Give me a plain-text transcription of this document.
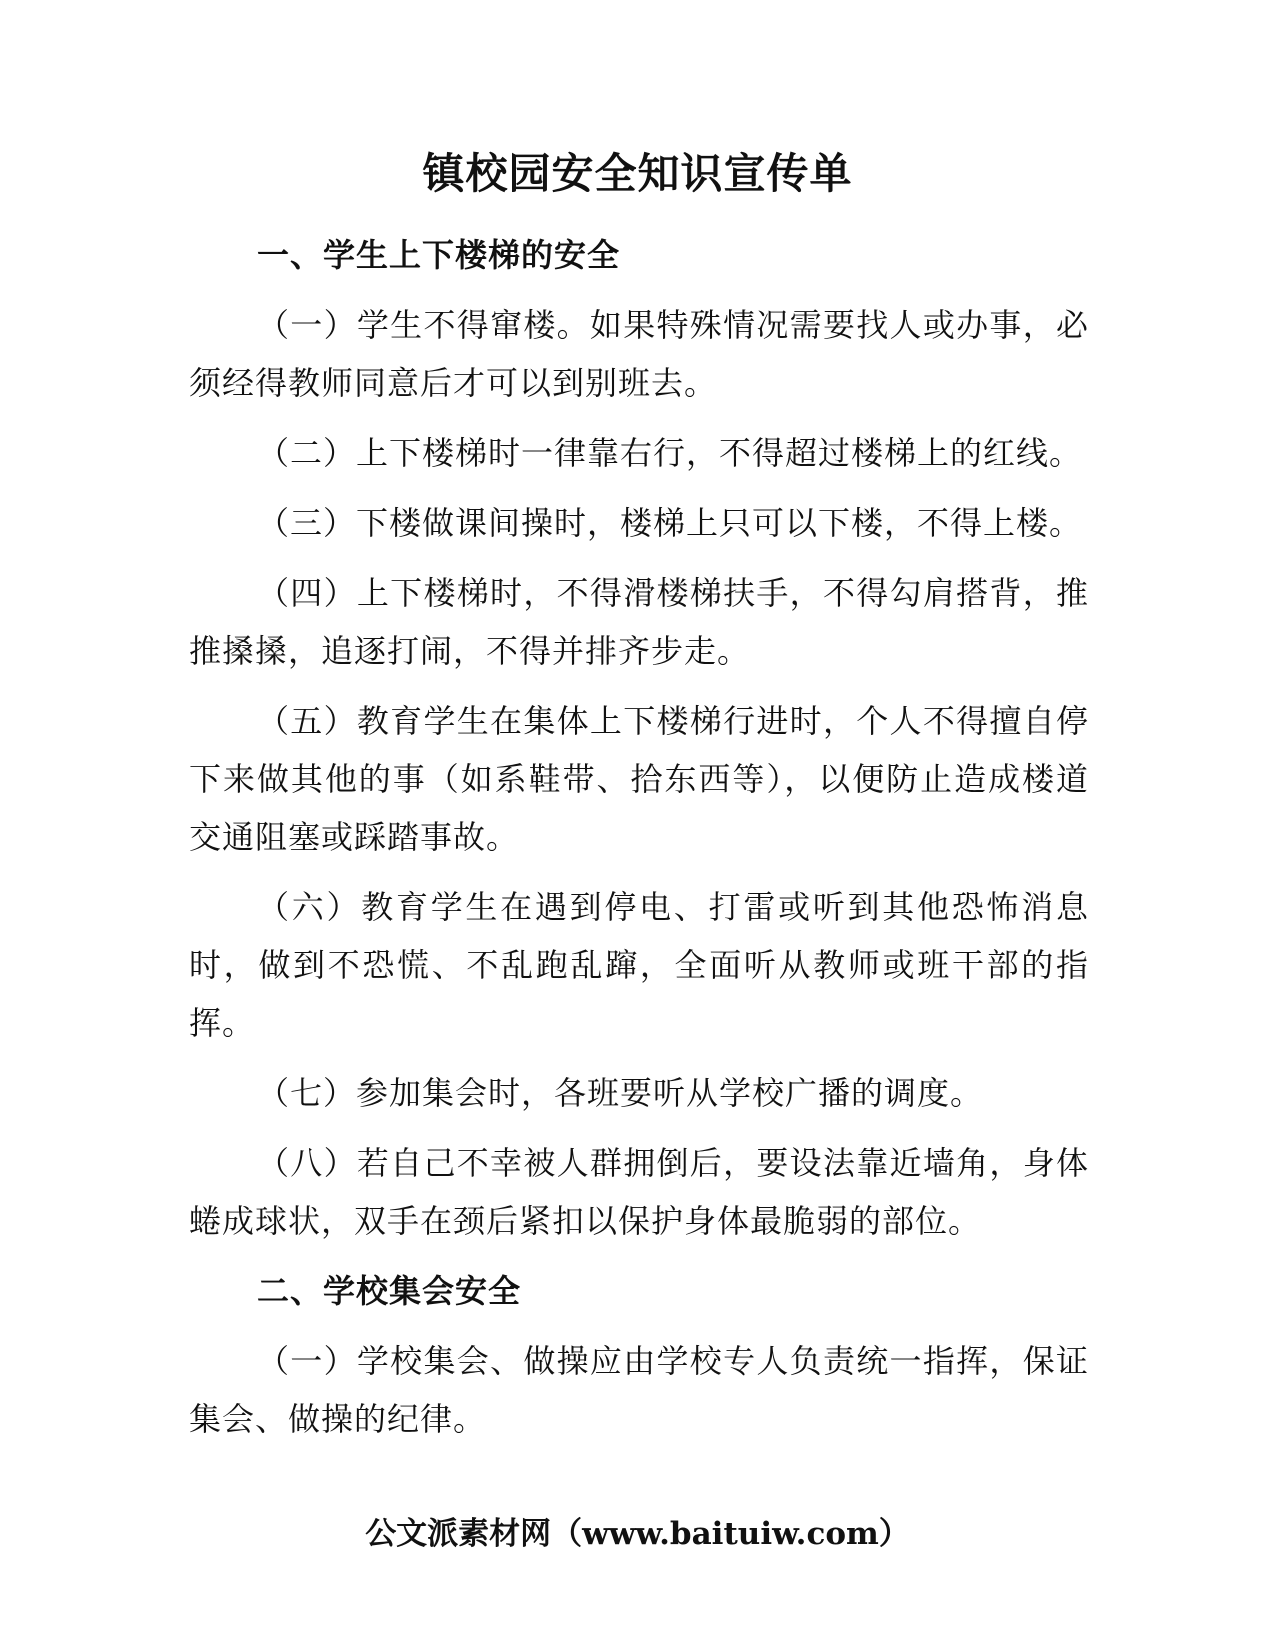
镇校园安全知识宣传单

一、学生上下楼梯的安全

（一）学生不得窜楼。如果特殊情况需要找人或办事，必须经得教师同意后才可以到别班去。

（二）上下楼梯时一律靠右行，不得超过楼梯上的红线。

（三）下楼做课间操时，楼梯上只可以下楼，不得上楼。

（四）上下楼梯时，不得滑楼梯扶手，不得勾肩搭背，推推搡搡，追逐打闹，不得并排齐步走。

（五）教育学生在集体上下楼梯行进时，个人不得擅自停下来做其他的事（如系鞋带、拾东西等），以便防止造成楼道交通阻塞或踩踏事故。

（六）教育学生在遇到停电、打雷或听到其他恐怖消息时，做到不恐慌、不乱跑乱蹿，全面听从教师或班干部的指挥。

（七）参加集会时，各班要听从学校广播的调度。

（八）若自己不幸被人群拥倒后，要设法靠近墙角，身体蜷成球状，双手在颈后紧扣以保护身体最脆弱的部位。

二、学校集会安全

（一）学校集会、做操应由学校专人负责统一指挥，保证集会、做操的纪律。

公文派素材网（www.baituiw.com）
